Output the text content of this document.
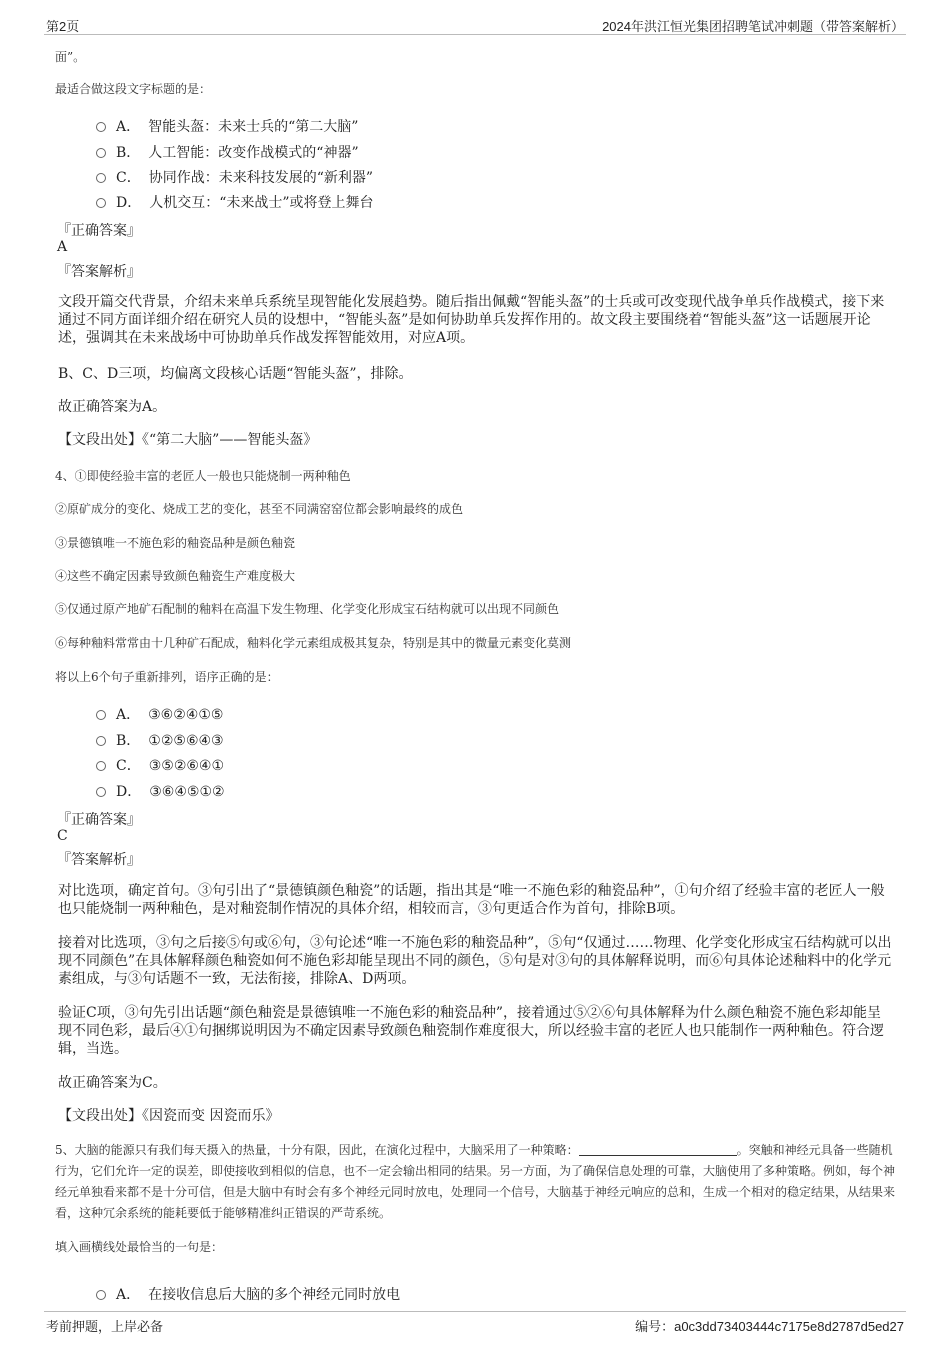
第2页	2024年洪江恒光集团招聘笔试冲刺题（带答案解析）
面”。
最适合做这段文字标题的是：
A． 智能头盔：未来士兵的“第二大脑”
B． 人工智能：改变作战模式的“神器”
C． 协同作战：未来科技发展的“新利器”
D． 人机交互：“未来战士”或将登上舞台
『正确答案』
A
『答案解析』
文段开篇交代背景，介绍未来单兵系统呈现智能化发展趋势。随后指出佩戴“智能头盔”的士兵或可改变现代战争单兵作战模式，接下来通过不同方面详细介绍在研究人员的设想中，“智能头盔”是如何协助单兵发挥作用的。故文段主要围绕着“智能头盔”这一话题展开论述，强调其在未来战场中可协助单兵作战发挥智能效用，对应A项。
B、C、D三项，均偏离文段核心话题“智能头盔”，排除。
故正确答案为A。
【文段出处】《“第二大脑”——智能头盔》
4、①即使经验丰富的老匠人一般也只能烧制一两种釉色
②原矿成分的变化、烧成工艺的变化，甚至不同满窑窑位都会影响最终的成色
③景德镇唯一不施色彩的釉瓷品种是颜色釉瓷
④这些不确定因素导致颜色釉瓷生产难度极大
⑤仅通过原产地矿石配制的釉料在高温下发生物理、化学变化形成宝石结构就可以出现不同颜色
⑥每种釉料常常由十几种矿石配成，釉料化学元素组成极其复杂，特别是其中的微量元素变化莫测
将以上6个句子重新排列，语序正确的是：
A． ③⑥②④①⑤
B． ①②⑤⑥④③
C． ③⑤②⑥④①
D． ③⑥④⑤①②
『正确答案』
C
『答案解析』
对比选项，确定首句。③句引出了“景德镇颜色釉瓷”的话题，指出其是“唯一不施色彩的釉瓷品种”，①句介绍了经验丰富的老匠人一般也只能烧制一两种釉色，是对釉瓷制作情况的具体介绍，相较而言，③句更适合作为首句，排除B项。
接着对比选项，③句之后接⑤句或⑥句，③句论述“唯一不施色彩的釉瓷品种”，⑤句“仅通过……物理、化学变化形成宝石结构就可以出现不同颜色”在具体解释颜色釉瓷如何不施色彩却能呈现出不同的颜色，⑤句是对③句的具体解释说明，而⑥句具体论述釉料中的化学元素组成，与③句话题不一致，无法衔接，排除A、D两项。
验证C项，③句先引出话题“颜色釉瓷是景德镇唯一不施色彩的釉瓷品种”，接着通过⑤②⑥句具体解释为什么颜色釉瓷不施色彩却能呈现不同色彩，最后④①句捆绑说明因为不确定因素导致颜色釉瓷制作难度很大，所以经验丰富的老匠人也只能制作一两种釉色。符合逻辑，当选。
故正确答案为C。
【文段出处】《因瓷而变 因瓷而乐》
5、大脑的能源只有我们每天摄入的热量，十分有限，因此，在演化过程中，大脑采用了一种策略：	。突触和神经元具备一些随机行为，它们允许一定的误差，即使接收到相似的信息，也不一定会输出相同的结果。另一方面，为了确保信息处理的可靠，大脑使用了多种策略。例如，每个神经元单独看来都不是十分可信，但是大脑中有时会有多个神经元同时放电，处理同一个信号，大脑基于神经元响应的总和，生成一个相对的稳定结果，从结果来看，这种冗余系统的能耗要低于能够精准纠正错误的严苛系统。
填入画横线处最恰当的一句是：
A． 在接收信息后大脑的多个神经元同时放电
考前押题，上岸必备	编号：a0c3dd73403444c7175e8d2787d5ed27
